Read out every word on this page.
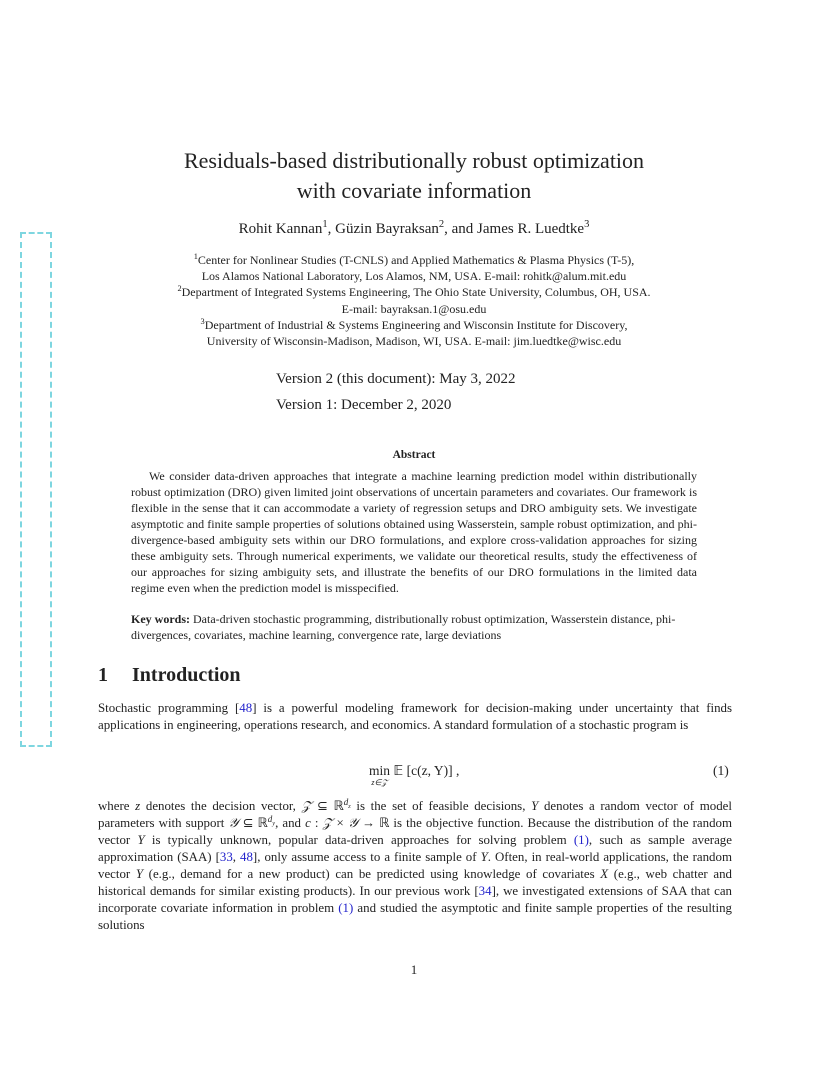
Residuals-based distributionally robust optimization
with covariate information
Rohit Kannan$^1$, Güzin Bayraksan$^2$, and James R. Luedtke$^3$
$^1$Center for Nonlinear Studies (T-CNLS) and Applied Mathematics & Plasma Physics (T-5),
Los Alamos National Laboratory, Los Alamos, NM, USA. E-mail: rohitk@alum.mit.edu
$^2$Department of Integrated Systems Engineering, The Ohio State University, Columbus, OH, USA.
E-mail: bayraksan.1@osu.edu
$^3$Department of Industrial & Systems Engineering and Wisconsin Institute for Discovery,
University of Wisconsin-Madison, Madison, WI, USA. E-mail: jim.luedtke@wisc.edu
Version 2 (this document): May 3, 2022
Version 1: December 2, 2020
Abstract

We consider data-driven approaches that integrate a machine learning prediction model within distributionally robust optimization (DRO) given limited joint observations of uncertain parameters and covariates. Our framework is flexible in the sense that it can accommodate a variety of regression setups and DRO ambiguity sets. We investigate asymptotic and finite sample properties of solutions obtained using Wasserstein, sample robust optimization, and phi-divergence-based ambiguity sets within our DRO formulations, and explore cross-validation approaches for sizing these ambiguity sets. Through numerical experiments, we validate our theoretical results, study the effectiveness of our approaches for sizing ambiguity sets, and illustrate the benefits of our DRO formulations in the limited data regime even when the prediction model is misspecified.

Key words: Data-driven stochastic programming, distributionally robust optimization, Wasserstein distance, phi-divergences, covariates, machine learning, convergence rate, large deviations

1 Introduction

Stochastic programming [48] is a powerful modeling framework for decision-making under uncertainty that finds applications in engineering, operations research, and economics. A standard formulation of a stochastic program is

min
z∈𝒵
𝔼 [c(z, Y)] ,	(1)

where z denotes the decision vector, 𝒵 ⊆ ℝ$^{d_z}$ is the set of feasible decisions, Y denotes a random vector of model parameters with support 𝒴 ⊆ ℝ$^{d_y}$, and c : 𝒵 × 𝒴 → ℝ is the objective function. Because the distribution of the random vector Y is typically unknown, popular data-driven approaches for solving problem (1), such as sample average approximation (SAA) [33, 48], only assume access to a finite sample of Y. Often, in real-world applications, the random vector Y (e.g., demand for a new product) can be predicted using knowledge of covariates X (e.g., web chatter and historical demands for similar existing products). In our previous work [34], we investigated extensions of SAA that can incorporate covariate information in problem (1) and studied the asymptotic and finite sample properties of the resulting solutions

1
